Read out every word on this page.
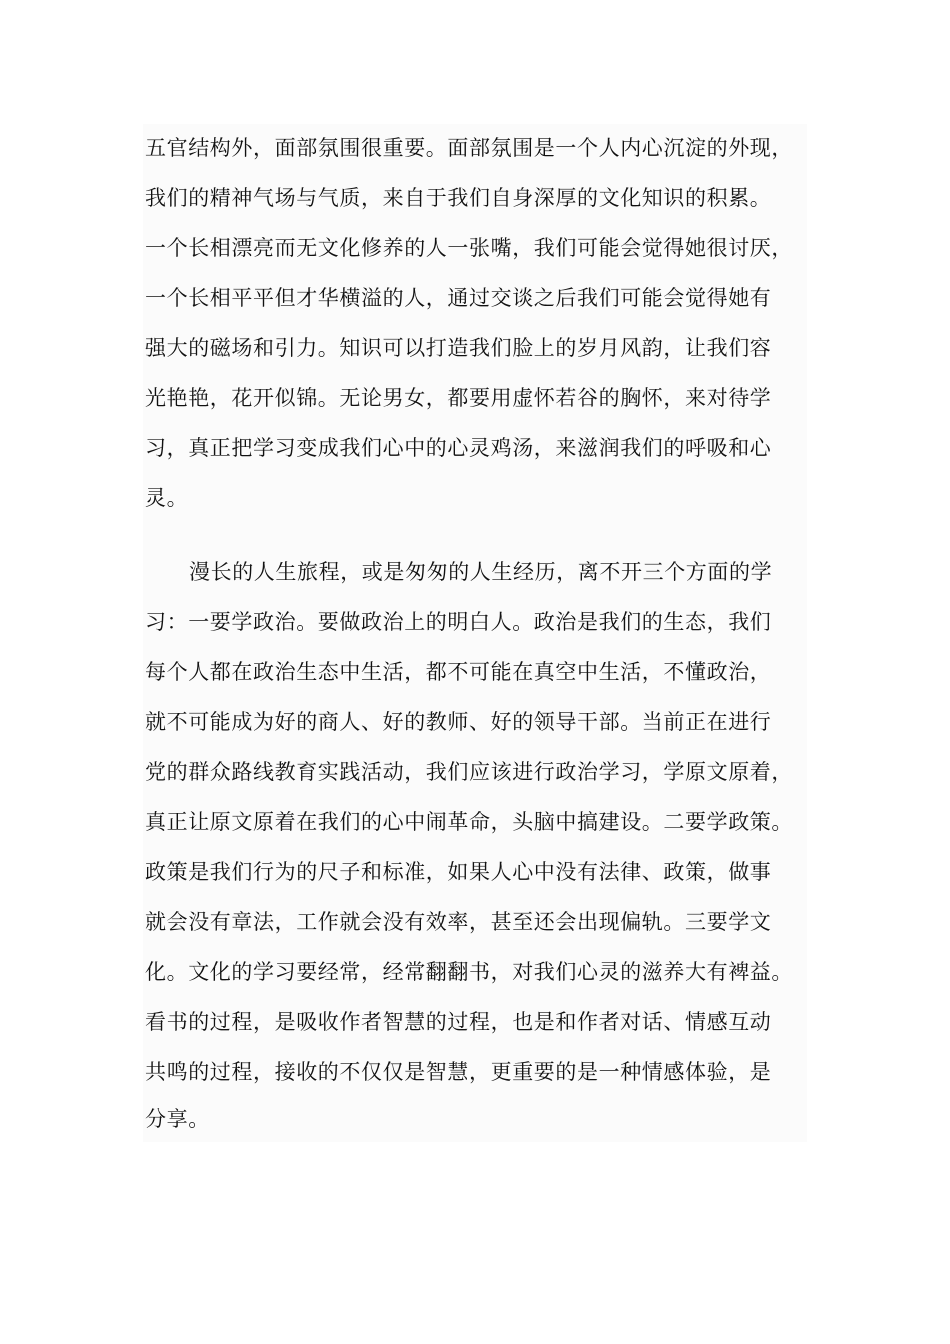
五官结构外，面部氛围很重要。面部氛围是一个人内心沉淀的外现，
我们的精神气场与气质，来自于我们自身深厚的文化知识的积累。
一个长相漂亮而无文化修养的人一张嘴，我们可能会觉得她很讨厌，
一个长相平平但才华横溢的人，通过交谈之后我们可能会觉得她有
强大的磁场和引力。知识可以打造我们脸上的岁月风韵，让我们容
光艳艳，花开似锦。无论男女，都要用虚怀若谷的胸怀，来对待学
习，真正把学习变成我们心中的心灵鸡汤，来滋润我们的呼吸和心
灵。
漫长的人生旅程，或是匆匆的人生经历，离不开三个方面的学
习：一要学政治。要做政治上的明白人。政治是我们的生态，我们
每个人都在政治生态中生活，都不可能在真空中生活，不懂政治，
就不可能成为好的商人、好的教师、好的领导干部。当前正在进行
党的群众路线教育实践活动，我们应该进行政治学习，学原文原着，
真正让原文原着在我们的心中闹革命，头脑中搞建设。二要学政策。
政策是我们行为的尺子和标准，如果人心中没有法律、政策，做事
就会没有章法，工作就会没有效率，甚至还会出现偏轨。三要学文
化。文化的学习要经常，经常翻翻书，对我们心灵的滋养大有裨益。
看书的过程，是吸收作者智慧的过程，也是和作者对话、情感互动
共鸣的过程，接收的不仅仅是智慧，更重要的是一种情感体验，是
分享。
